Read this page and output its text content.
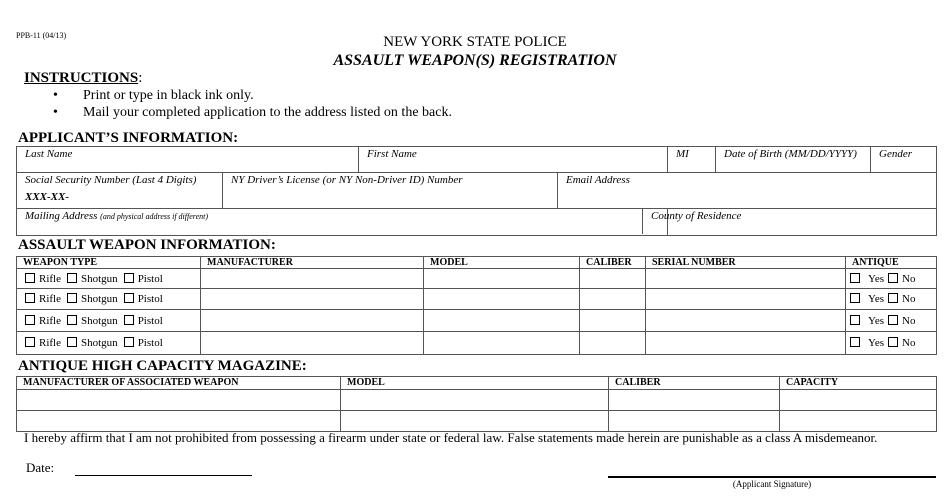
PPB-11 (04/13)	NEW YORK STATE POLICE
ASSAULT WEAPON(S) REGISTRATION
INSTRUCTIONS:
• Print or type in black ink only.
• Mail your completed application to the address listed on the back.
APPLICANT’S INFORMATION:
Last Name		First Name		MI	Date of Birth (MM/DD/YYYY)	Gender

Social Security Number (Last 4 Digits)
XXX-XX-	NY Driver’s License (or NY Non-Driver ID) Number		Email Address			
Mailing Address (and physical address if different)				County of Residence		
ASSAULT WEAPON INFORMATION:
WEAPON TYPE	MANUFACTURER	MODEL	CALIBER	SERIAL NUMBER	ANTIQUE
Rifle Shotgun Pistol					Yes No
Rifle Shotgun Pistol					Yes No
Rifle Shotgun Pistol					Yes No
Rifle Shotgun Pistol					Yes No
ANTIQUE HIGH CAPACITY MAGAZINE:
MANUFACTURER OF ASSOCIATED WEAPON	MODEL	CALIBER	CAPACITY

I hereby affirm that I am not prohibited from possessing a firearm under state or federal law. False statements made herein are punishable as a class A misdemeanor.
Date:
(Applicant Signature)
